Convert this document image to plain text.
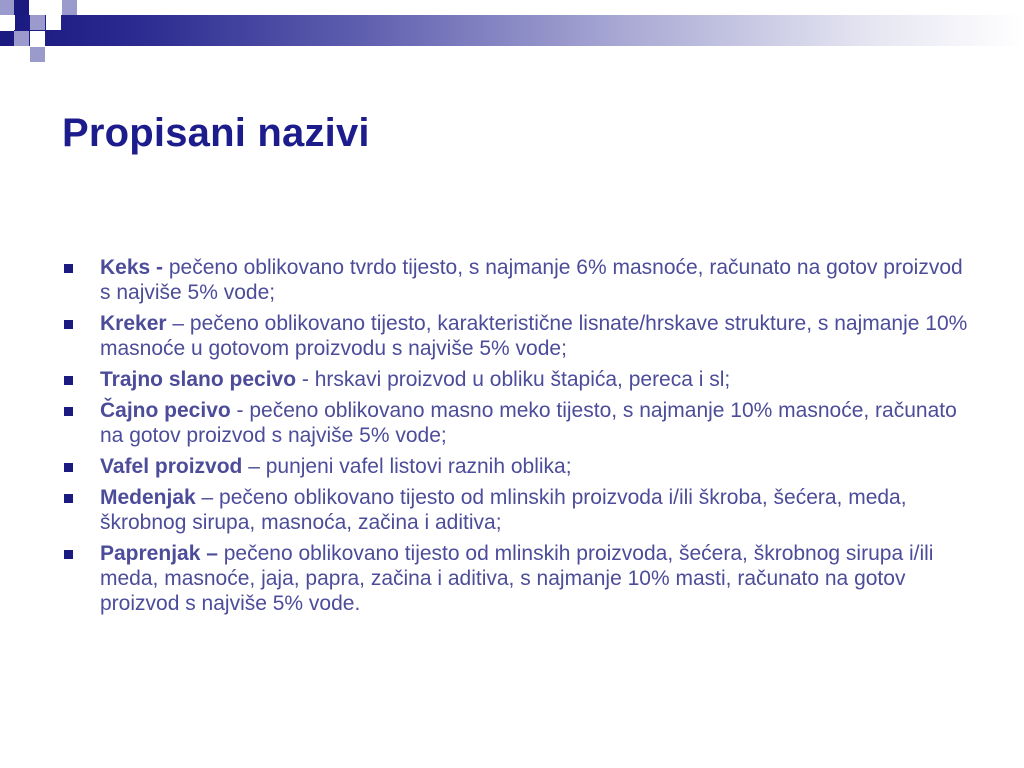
Propisani nazivi
Keks - pečeno oblikovano tvrdo tijesto, s najmanje 6% masnoće, računato na gotov proizvod s najviše 5% vode;
Kreker – pečeno oblikovano tijesto, karakteristične lisnate/hrskave strukture, s najmanje 10% masnoće u gotovom proizvodu s najviše 5% vode;
Trajno slano pecivo - hrskavi proizvod u obliku štapića, pereca i sl;
Čajno pecivo - pečeno oblikovano masno meko tijesto, s najmanje 10% masnoće, računato na gotov proizvod s najviše 5% vode;
Vafel proizvod – punjeni vafel listovi raznih oblika;
Medenjak – pečeno oblikovano tijesto od mlinskih proizvoda i/ili škroba, šećera, meda, škrobnog sirupa, masnoća, začina i aditiva;
Paprenjak – pečeno oblikovano tijesto od mlinskih proizvoda, šećera, škrobnog sirupa i/ili meda, masnoće, jaja, papra, začina i aditiva, s najmanje 10% masti, računato na gotov proizvod s najviše 5% vode.
